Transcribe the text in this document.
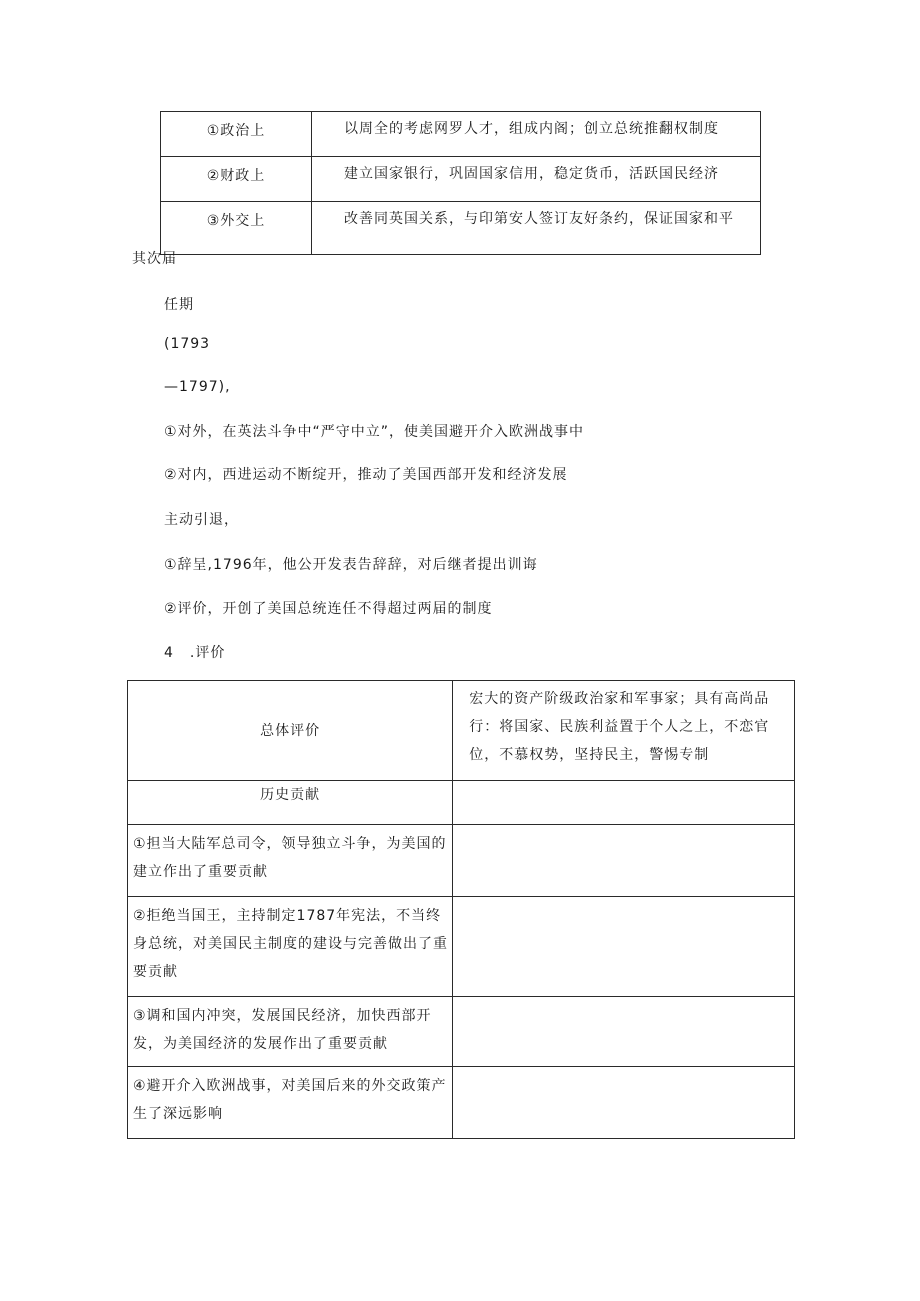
①政治上	以周全的考虑网罗人才，组成内阁；创立总统推翻权制度
②财政上	建立国家银行，巩固国家信用，稳定货币，活跃国民经济
③外交上	改善同英国关系，与印第安人签订友好条约，保证国家和平
其次届
任期
(1793
—1797),
①对外，在英法斗争中“严守中立”，使美国避开介入欧洲战事中
②对内，西进运动不断绽开，推动了美国西部开发和经济发展
主动引退，
①辞呈,1796年，他公开发表告辞辞，对后继者提出训诲
②评价，开创了美国总统连任不得超过两届的制度
4 .评价
总体评价	宏大的资产阶级政治家和军事家；具有高尚品行：将国家、民族利益置于个人之上，不恋官位，不慕权势，坚持民主，警惕专制
历史贡献	
①担当大陆军总司令，领导独立斗争，为美国的建立作出了重要贡献	
②拒绝当国王，主持制定1787年宪法，不当终身总统，对美国民主制度的建设与完善做出了重要贡献	
③调和国内冲突，发展国民经济，加快西部开发，为美国经济的发展作出了重要贡献	
④避开介入欧洲战事，对美国后来的外交政策产生了深远影响	
